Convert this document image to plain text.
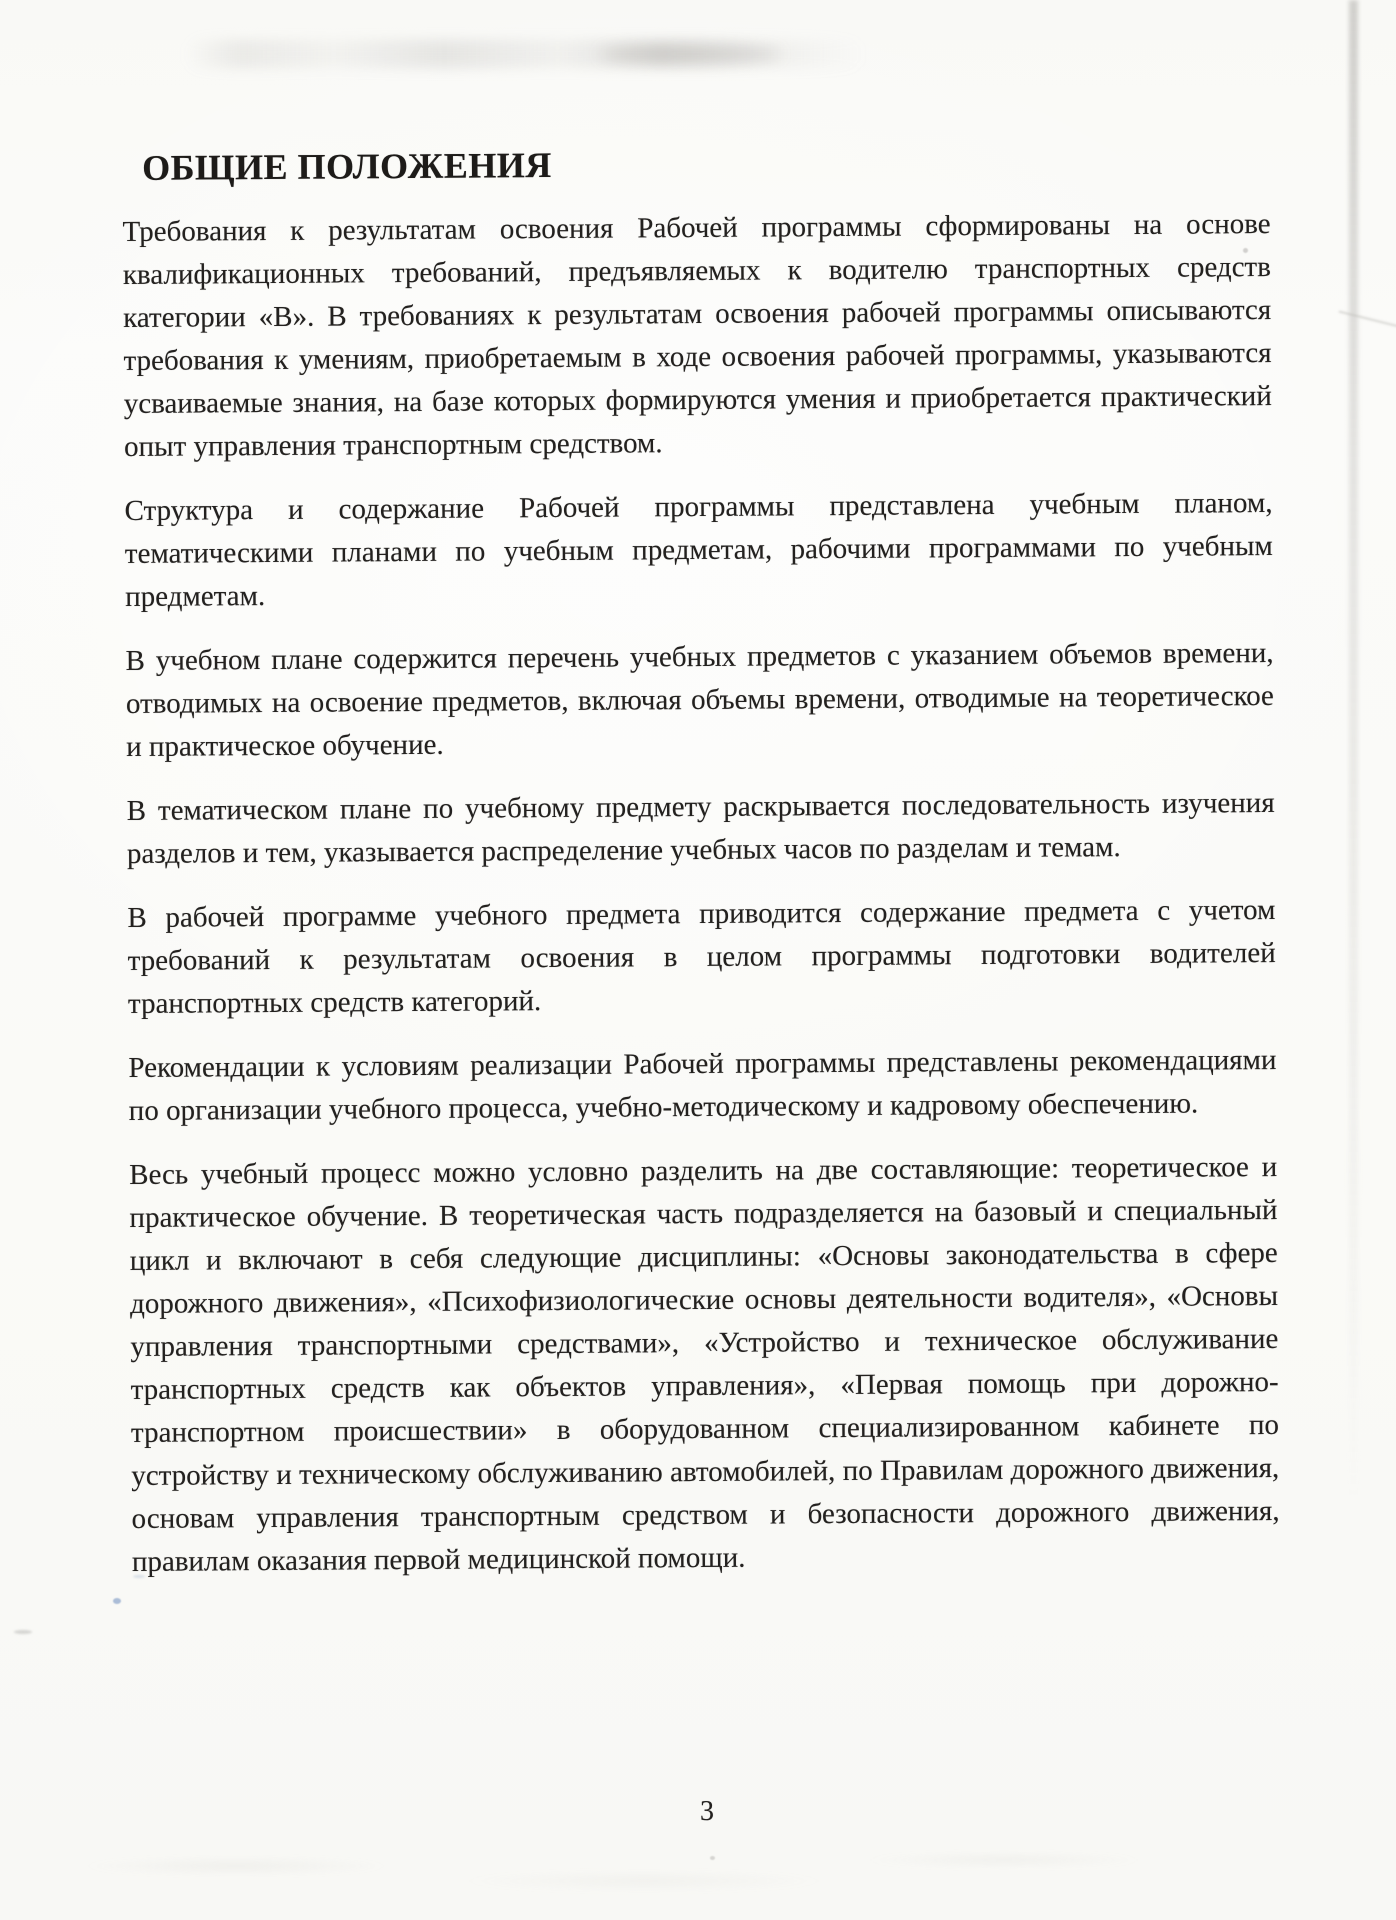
ОБЩИЕ ПОЛОЖЕНИЯ

Требования к результатам освоения Рабочей программы сформированы на основе квалификационных требований, предъявляемых к водителю транспортных средств категории «В». В требованиях к результатам освоения рабочей программы описываются требования к умениям, приобретаемым в ходе освоения рабочей программы, указываются усваиваемые знания, на базе которых формируются умения и приобретается практический опыт управления транспортным средством.

Структура и содержание Рабочей программы представлена учебным планом, тематическими планами по учебным предметам, рабочими программами по учебным предметам.

В учебном плане содержится перечень учебных предметов с указанием объемов времени, отводимых на освоение предметов, включая объемы времени, отводимые на теоретическое и практическое обучение.

В тематическом плане по учебному предмету раскрывается последовательность изучения разделов и тем, указывается распределение учебных часов по разделам и темам.

В рабочей программе учебного предмета приводится содержание предмета с учетом требований к результатам освоения в целом программы подготовки водителей транспортных средств категорий.

Рекомендации к условиям реализации Рабочей программы представлены рекомендациями по организации учебного процесса, учебно-методическому и кадровому обеспечению.

Весь учебный процесс можно условно разделить на две составляющие: теоретическое и практическое обучение. В теоретическая часть подразделяется на базовый и специальный цикл и включают в себя следующие дисциплины: «Основы законодательства в сфере дорожного движения», «Психофизиологические основы деятельности водителя», «Основы управления транспортными средствами», «Устройство и техническое обслуживание транспортных средств как объектов управления», «Первая помощь при дорожно-транспортном происшествии» в оборудованном специализированном кабинете по устройству и техническому обслуживанию автомобилей, по Правилам дорожного движения, основам управления транспортным средством и безопасности дорожного движения, правилам оказания первой медицинской помощи.

3
